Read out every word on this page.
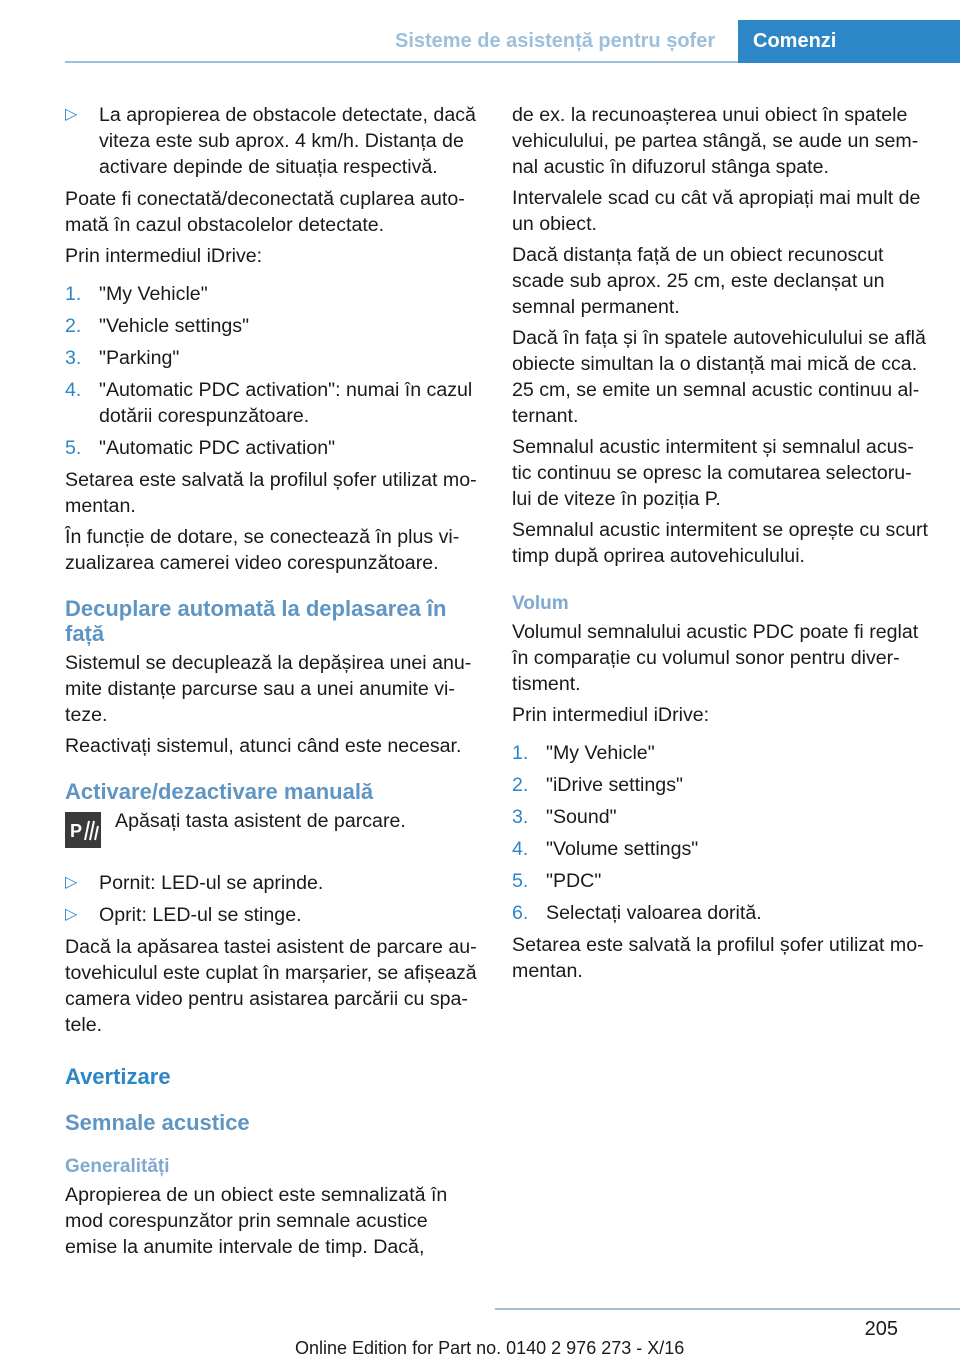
Sisteme de asistență pentru șofer Comenzi
▷ La apropierea de obstacole detectate, dacă viteza este sub aprox. 4 km/h. Distanța de activare depinde de situația respectivă.

Poate fi conectată/deconectată cuplarea auto‐ mată în cazul obstacolelor detectate.

Prin intermediul iDrive:

1. "My Vehicle"
2. "Vehicle settings"
3. "Parking"
4. "Automatic PDC activation": numai în cazul dotării corespunzătoare.
5. "Automatic PDC activation"

Setarea este salvată la profilul șofer utilizat mo‐ mentan.

În funcție de dotare, se conectează în plus vi‐ zualizarea camerei video corespunzătoare.

Decuplare automată la deplasarea în față

Sistemul se decuplează la depășirea unei anu‐ mite distanțe parcurse sau a unei anumite vi‐ teze.

Reactivați sistemul, atunci când este necesar.

Activare/dezactivare manuală
P	Apăsați tasta asistent de parcare.

▷ Pornit: LED-ul se aprinde.
▷ Oprit: LED-ul se stinge.

Dacă la apăsarea tastei asistent de parcare au‐ tovehiculul este cuplat în marșarier, se afișează camera video pentru asistarea parcării cu spa‐ tele.

Avertizare
Semnale acustice
Generalități

Apropierea de un obiect este semnalizată în mod corespunzător prin semnale acustice emise la anumite intervale de timp. Dacă,

de ex. la recunoașterea unui obiect în spatele vehiculului, pe partea stângă, se aude un sem‐ nal acustic în difuzorul stânga spate.

Intervalele scad cu cât vă apropiați mai mult de un obiect.

Dacă distanța față de un obiect recunoscut scade sub aprox. 25 cm, este declanșat un semnal permanent.

Dacă în fața și în spatele autovehiculului se află obiecte simultan la o distanță mai mică de cca. 25 cm, se emite un semnal acustic continuu al‐ ternant.

Semnalul acustic intermitent și semnalul acus‐ tic continuu se opresc la comutarea selectoru‐ lui de viteze în poziția P.

Semnalul acustic intermitent se oprește cu scurt timp după oprirea autovehiculului.

Volum

Volumul semnalului acustic PDC poate fi reglat în comparație cu volumul sonor pentru diver‐ tisment.

Prin intermediul iDrive:

1. "My Vehicle"
2. "iDrive settings"
3. "Sound"
4. "Volume settings"
5. "PDC"
6. Selectați valoarea dorită.

Setarea este salvată la profilul șofer utilizat mo‐ mentan.

205
Online Edition for Part no. 0140 2 976 273 - X/16
